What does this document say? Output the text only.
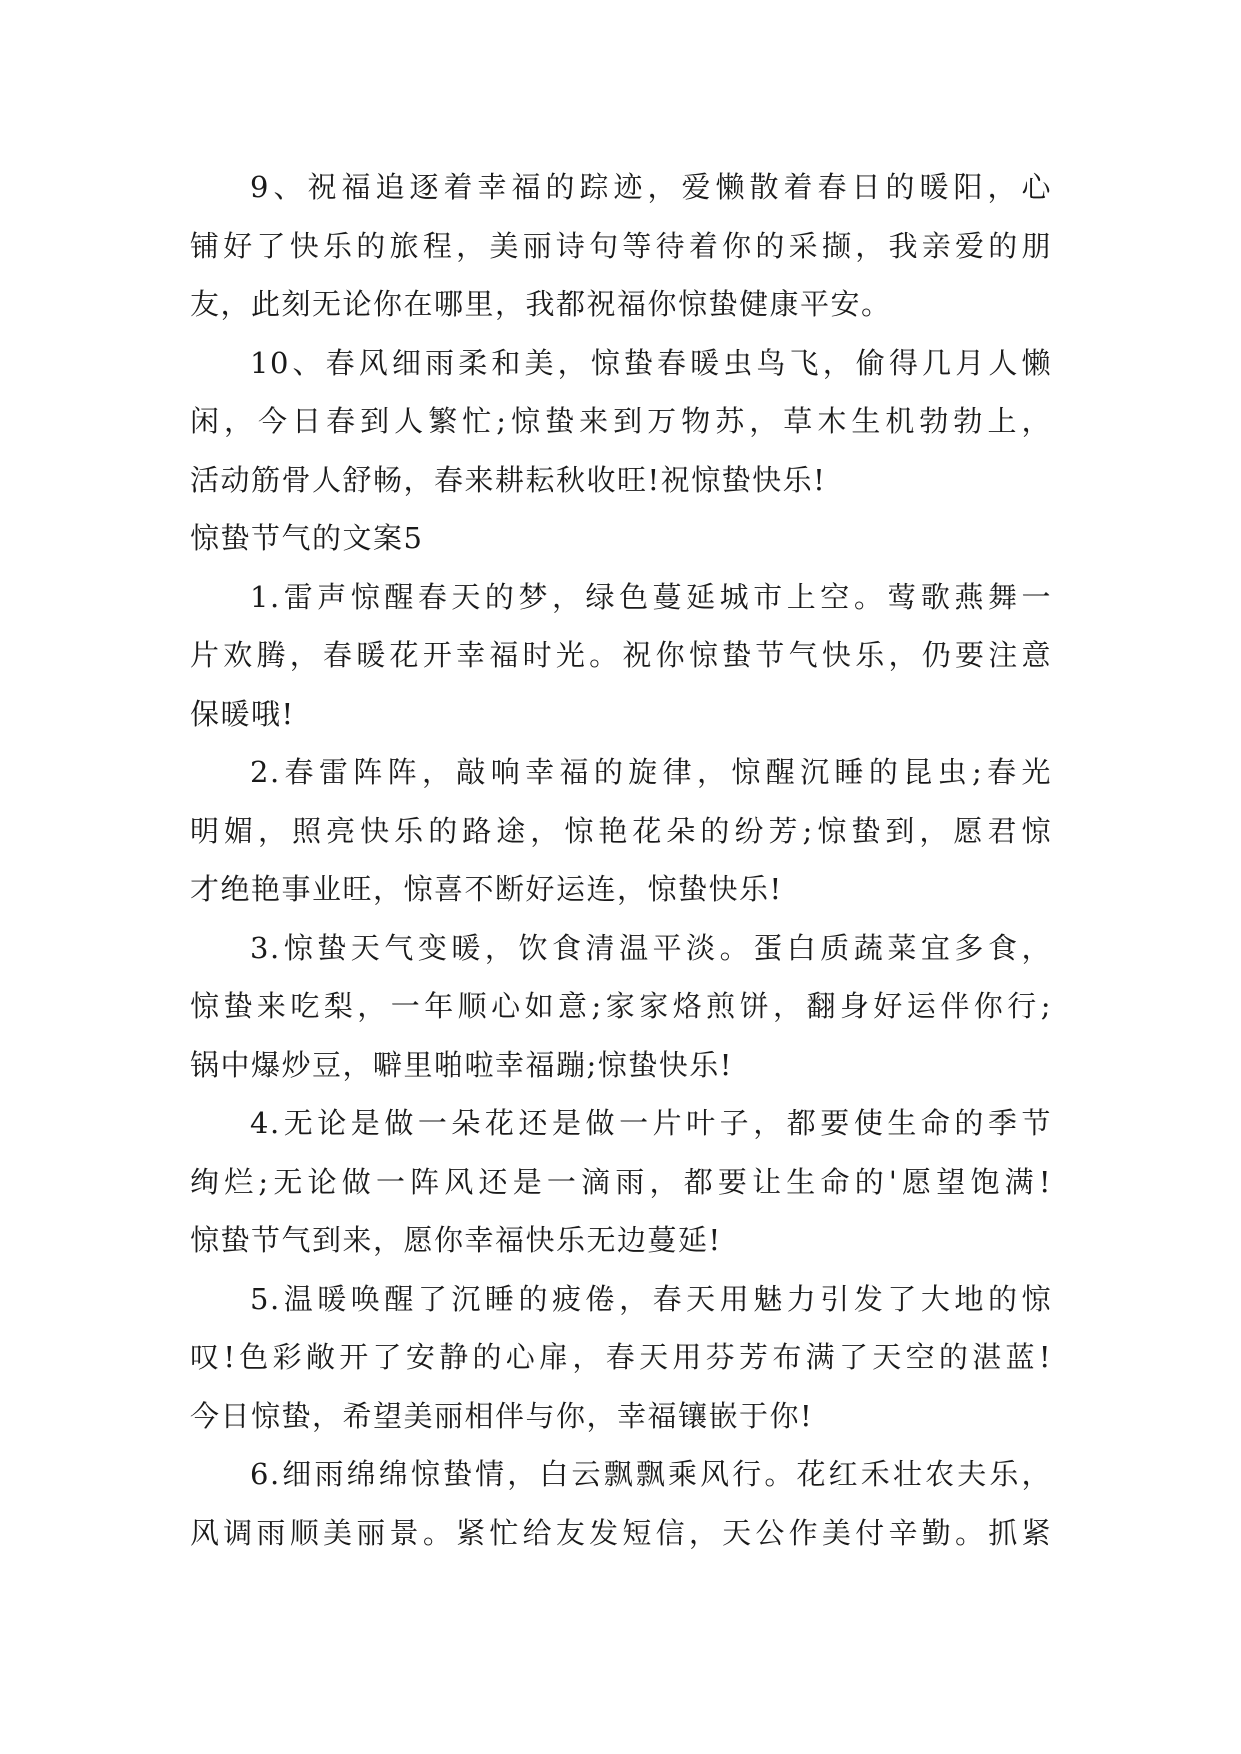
9、祝福追逐着幸福的踪迹，爱懒散着春日的暖阳，心
铺好了快乐的旅程，美丽诗句等待着你的采撷，我亲爱的朋
友，此刻无论你在哪里，我都祝福你惊蛰健康平安。
10、春风细雨柔和美，惊蛰春暖虫鸟飞，偷得几月人懒
闲，今日春到人繁忙;惊蛰来到万物苏，草木生机勃勃上，
活动筋骨人舒畅，春来耕耘秋收旺!祝惊蛰快乐!
惊蛰节气的文案5
1.雷声惊醒春天的梦，绿色蔓延城市上空。莺歌燕舞一
片欢腾，春暖花开幸福时光。祝你惊蛰节气快乐，仍要注意
保暖哦!
2.春雷阵阵，敲响幸福的旋律，惊醒沉睡的昆虫;春光
明媚，照亮快乐的路途，惊艳花朵的纷芳;惊蛰到，愿君惊
才绝艳事业旺，惊喜不断好运连，惊蛰快乐!
3.惊蛰天气变暖，饮食清温平淡。蛋白质蔬菜宜多食，
惊蛰来吃梨，一年顺心如意;家家烙煎饼，翻身好运伴你行;
锅中爆炒豆，噼里啪啦幸福蹦;惊蛰快乐!
4.无论是做一朵花还是做一片叶子，都要使生命的季节
绚烂;无论做一阵风还是一滴雨，都要让生命的'愿望饱满!
惊蛰节气到来，愿你幸福快乐无边蔓延!
5.温暖唤醒了沉睡的疲倦，春天用魅力引发了大地的惊
叹!色彩敞开了安静的心扉，春天用芬芳布满了天空的湛蓝!
今日惊蛰，希望美丽相伴与你，幸福镶嵌于你!
6.细雨绵绵惊蛰情，白云飘飘乘风行。花红禾壮农夫乐，
风调雨顺美丽景。紧忙给友发短信，天公作美付辛勤。抓紧
